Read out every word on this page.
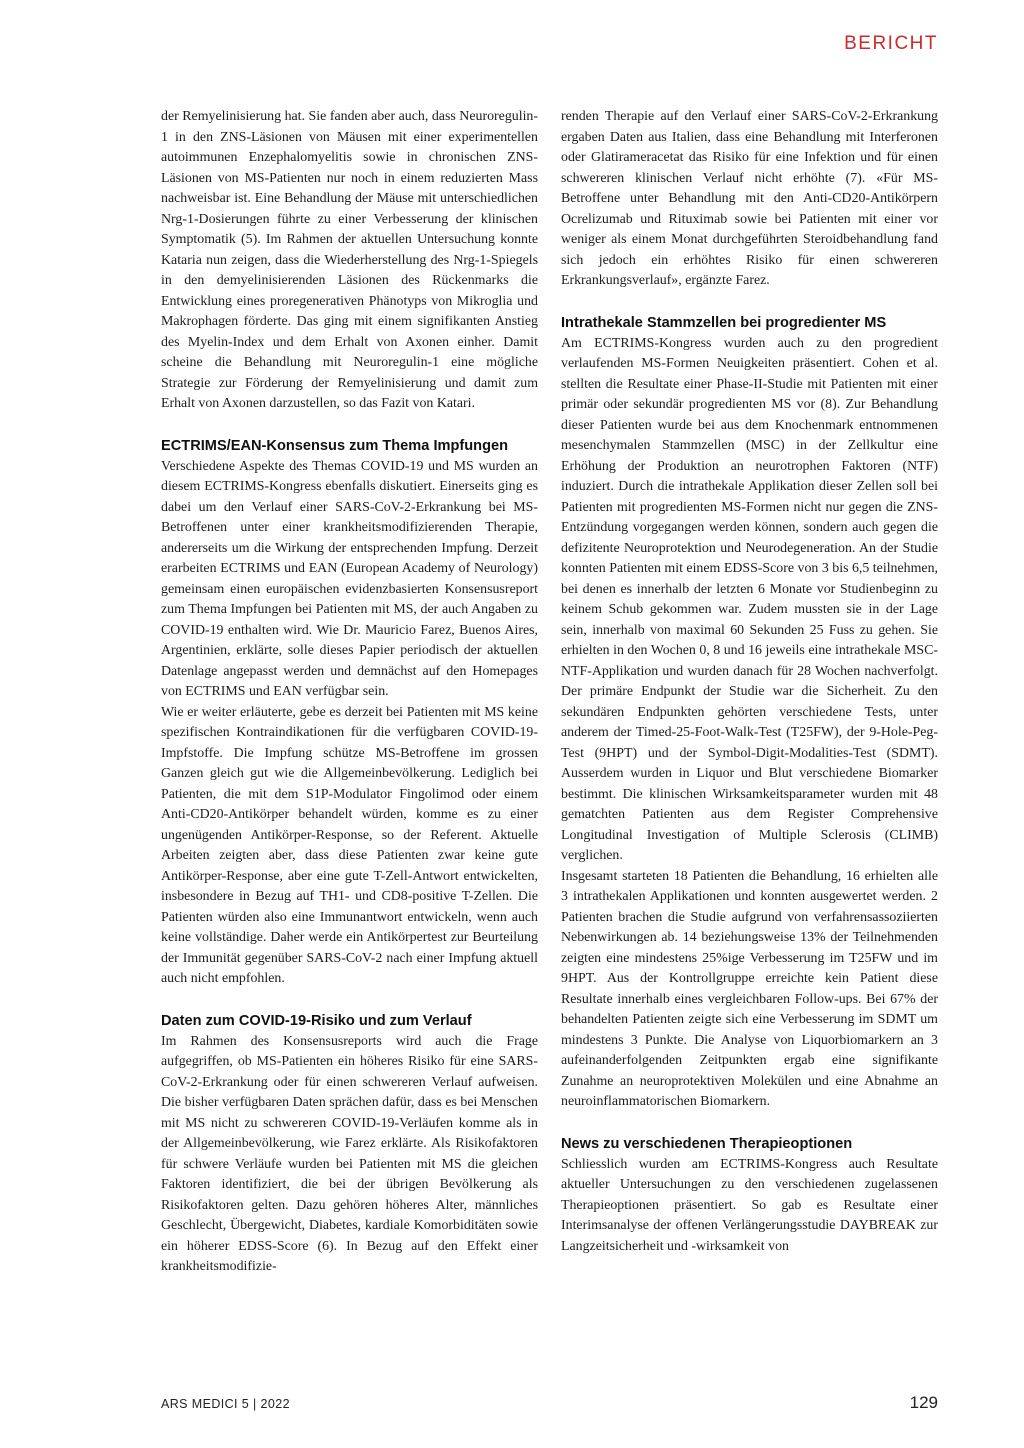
BERICHT

der Remyelinisierung hat. Sie fanden aber auch, dass Neuroregulin-1 in den ZNS-Läsionen von Mäusen mit einer experimentellen autoimmunen Enzephalomyelitis sowie in chronischen ZNS-Läsionen von MS-Patienten nur noch in einem reduzierten Mass nachweisbar ist. Eine Behandlung der Mäuse mit unterschiedlichen Nrg-1-Dosierungen führte zu einer Verbesserung der klinischen Symptomatik (5). Im Rahmen der aktuellen Untersuchung konnte Kataria nun zeigen, dass die Wiederherstellung des Nrg-1-Spiegels in den demyelinisierenden Läsionen des Rückenmarks die Entwicklung eines proregenerativen Phänotyps von Mikroglia und Makrophagen förderte. Das ging mit einem signifikanten Anstieg des Myelin-Index und dem Erhalt von Axonen einher. Damit scheine die Behandlung mit Neuroregulin-1 eine mögliche Strategie zur Förderung der Remyelinisierung und damit zum Erhalt von Axonen darzustellen, so das Fazit von Katari.

ECTRIMS/EAN-Konsensus zum Thema Impfungen

Verschiedene Aspekte des Themas COVID-19 und MS wurden an diesem ECTRIMS-Kongress ebenfalls diskutiert. Einerseits ging es dabei um den Verlauf einer SARS-CoV-2-Erkrankung bei MS-Betroffenen unter einer krankheitsmodifizierenden Therapie, andererseits um die Wirkung der entsprechenden Impfung. Derzeit erarbeiten ECTRIMS und EAN (European Academy of Neurology) gemeinsam einen europäischen evidenzbasierten Konsensusreport zum Thema Impfungen bei Patienten mit MS, der auch Angaben zu COVID-19 enthalten wird. Wie Dr. Mauricio Farez, Buenos Aires, Argentinien, erklärte, solle dieses Papier periodisch der aktuellen Datenlage angepasst werden und demnächst auf den Homepages von ECTRIMS und EAN verfügbar sein.

Wie er weiter erläuterte, gebe es derzeit bei Patienten mit MS keine spezifischen Kontraindikationen für die verfügbaren COVID-19-Impfstoffe. Die Impfung schütze MS-Betroffene im grossen Ganzen gleich gut wie die Allgemeinbevölkerung. Lediglich bei Patienten, die mit dem S1P-Modulator Fingolimod oder einem Anti-CD20-Antikörper behandelt würden, komme es zu einer ungenügenden Antikörper-Response, so der Referent. Aktuelle Arbeiten zeigten aber, dass diese Patienten zwar keine gute Antikörper-Response, aber eine gute T-Zell-Antwort entwickelten, insbesondere in Bezug auf TH1- und CD8-positive T-Zellen. Die Patienten würden also eine Immunantwort entwickeln, wenn auch keine vollständige. Daher werde ein Antikörpertest zur Beurteilung der Immunität gegenüber SARS-CoV-2 nach einer Impfung aktuell auch nicht empfohlen.

Daten zum COVID-19-Risiko und zum Verlauf

Im Rahmen des Konsensusreports wird auch die Frage aufgegriffen, ob MS-Patienten ein höheres Risiko für eine SARS-CoV-2-Erkrankung oder für einen schwereren Verlauf aufweisen. Die bisher verfügbaren Daten sprächen dafür, dass es bei Menschen mit MS nicht zu schwereren COVID-19-Verläufen komme als in der Allgemeinbevölkerung, wie Farez erklärte. Als Risikofaktoren für schwere Verläufe wurden bei Patienten mit MS die gleichen Faktoren identifiziert, die bei der übrigen Bevölkerung als Risikofaktoren gelten. Dazu gehören höheres Alter, männliches Geschlecht, Übergewicht, Diabetes, kardiale Komorbiditäten sowie ein höherer EDSS-Score (6). In Bezug auf den Effekt einer krankheitsmodifizie-

renden Therapie auf den Verlauf einer SARS-CoV-2-Erkrankung ergaben Daten aus Italien, dass eine Behandlung mit Interferonen oder Glatirameracetat das Risiko für eine Infektion und für einen schwereren klinischen Verlauf nicht erhöhte (7). «Für MS-Betroffene unter Behandlung mit den Anti-CD20-Antikörpern Ocrelizumab und Rituximab sowie bei Patienten mit einer vor weniger als einem Monat durchgeführten Steroidbehandlung fand sich jedoch ein erhöhtes Risiko für einen schwereren Erkrankungsverlauf», ergänzte Farez.

Intrathekale Stammzellen bei progredienter MS

Am ECTRIMS-Kongress wurden auch zu den progredient verlaufenden MS-Formen Neuigkeiten präsentiert. Cohen et al. stellten die Resultate einer Phase-II-Studie mit Patienten mit einer primär oder sekundär progredienten MS vor (8). Zur Behandlung dieser Patienten wurde bei aus dem Knochenmark entnommenen mesenchymalen Stammzellen (MSC) in der Zellkultur eine Erhöhung der Produktion an neurotrophen Faktoren (NTF) induziert. Durch die intrathekale Applikation dieser Zellen soll bei Patienten mit progredienten MS-Formen nicht nur gegen die ZNS-Entzündung vorgegangen werden können, sondern auch gegen die defizitente Neuroprotektion und Neurodegeneration. An der Studie konnten Patienten mit einem EDSS-Score von 3 bis 6,5 teilnehmen, bei denen es innerhalb der letzten 6 Monate vor Studienbeginn zu keinem Schub gekommen war. Zudem mussten sie in der Lage sein, innerhalb von maximal 60 Sekunden 25 Fuss zu gehen. Sie erhielten in den Wochen 0, 8 und 16 jeweils eine intrathekale MSC-NTF-Applikation und wurden danach für 28 Wochen nachverfolgt. Der primäre Endpunkt der Studie war die Sicherheit. Zu den sekundären Endpunkten gehörten verschiedene Tests, unter anderem der Timed-25-Foot-Walk-Test (T25FW), der 9-Hole-Peg-Test (9HPT) und der Symbol-Digit-Modalities-Test (SDMT). Ausserdem wurden in Liquor und Blut verschiedene Biomarker bestimmt. Die klinischen Wirksamkeitsparameter wurden mit 48 gematchten Patienten aus dem Register Comprehensive Longitudinal Investigation of Multiple Sclerosis (CLIMB) verglichen.

Insgesamt starteten 18 Patienten die Behandlung, 16 erhielten alle 3 intrathekalen Applikationen und konnten ausgewertet werden. 2 Patienten brachen die Studie aufgrund von verfahrensassoziierten Nebenwirkungen ab. 14 beziehungsweise 13% der Teilnehmenden zeigten eine mindestens 25%ige Verbesserung im T25FW und im 9HPT. Aus der Kontrollgruppe erreichte kein Patient diese Resultate innerhalb eines vergleichbaren Follow-ups. Bei 67% der behandelten Patienten zeigte sich eine Verbesserung im SDMT um mindestens 3 Punkte. Die Analyse von Liquorbiomarkern an 3 aufeinanderfolgenden Zeitpunkten ergab eine signifikante Zunahme an neuroprotektiven Molekülen und eine Abnahme an neuroinflammatorischen Biomarkern.

News zu verschiedenen Therapieoptionen

Schliesslich wurden am ECTRIMS-Kongress auch Resultate aktueller Untersuchungen zu den verschiedenen zugelassenen Therapieoptionen präsentiert. So gab es Resultate einer Interimsanalyse der offenen Verlängerungsstudie DAYBREAK zur Langzeitsicherheit und -wirksamkeit von

ARS MEDICI 5 | 2022	129
